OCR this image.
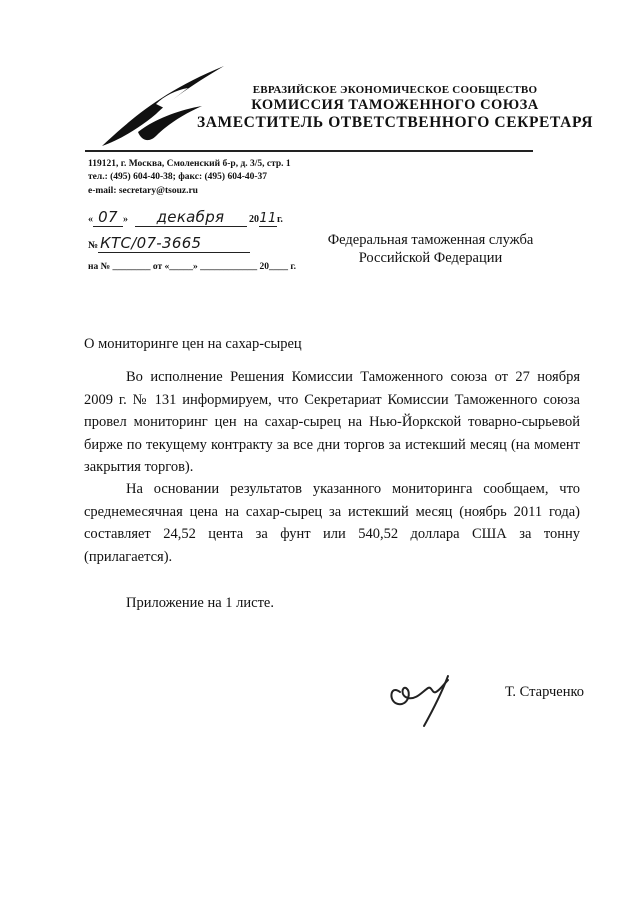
ЕВРАЗИЙСКОЕ ЭКОНОМИЧЕСКОЕ СООБЩЕСТВО
КОМИССИЯ ТАМОЖЕННОГО СОЮЗА
ЗАМЕСТИТЕЛЬ ОТВЕТСТВЕННОГО СЕКРЕТАРЯ
119121, г. Москва, Смоленский б-р, д. 3/5, стр. 1
тел.: (495) 604-40-38; факс: (495) 604-40-37
e-mail: secretary@tsouz.ru
« 07 » декабря 2011г.
№ КТС/07-3665
на № ________ от «_____» ____________ 20____ г.
Федеральная таможенная служба
Российской Федерации
О мониторинге цен на сахар-сырец
Во исполнение Решения Комиссии Таможенного союза от 27 ноября 2009 г. № 131 информируем, что Секретариат Комиссии Таможенного союза провел мониторинг цен на сахар-сырец на Нью-Йоркской товарно-сырьевой бирже по текущему контракту за все дни торгов за истекший месяц (на момент закрытия торгов).
На основании результатов указанного мониторинга сообщаем, что среднемесячная цена на сахар-сырец за истекший месяц (ноябрь 2011 года) составляет 24,52 цента за фунт или 540,52 доллара США за тонну (прилагается).
Приложение на 1 листе.
Т. Старченко
